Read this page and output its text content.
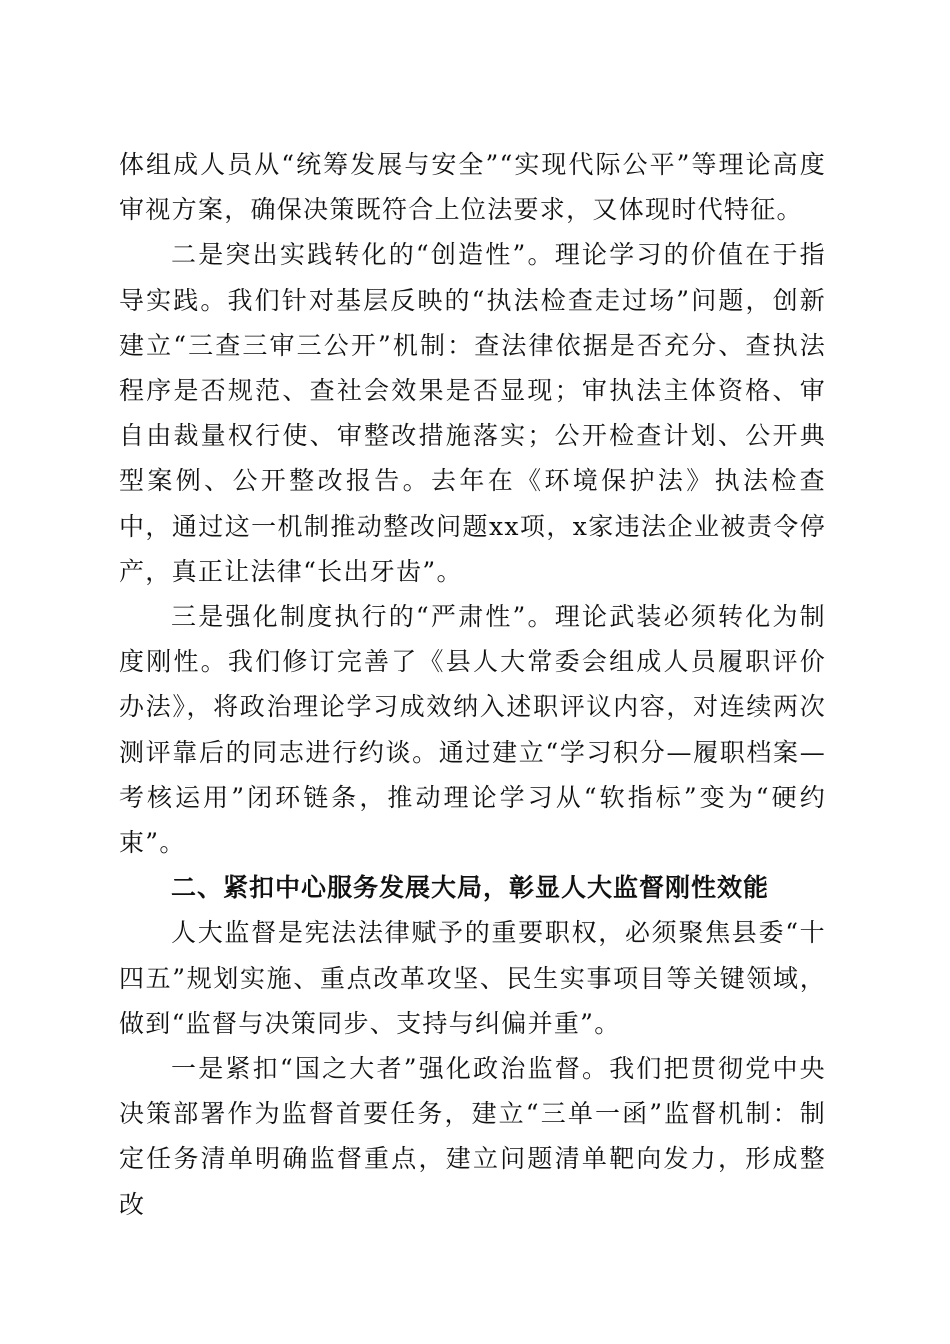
体组成人员从“统筹发展与安全”“实现代际公平”等理论高度审视方案，确保决策既符合上位法要求，又体现时代特征。

二是突出实践转化的“创造性”。理论学习的价值在于指导实践。我们针对基层反映的“执法检查走过场”问题，创新建立“三查三审三公开”机制：查法律依据是否充分、查执法程序是否规范、查社会效果是否显现；审执法主体资格、审自由裁量权行使、审整改措施落实；公开检查计划、公开典型案例、公开整改报告。去年在《环境保护法》执法检查中，通过这一机制推动整改问题xx项，x家违法企业被责令停产，真正让法律“长出牙齿”。

三是强化制度执行的“严肃性”。理论武装必须转化为制度刚性。我们修订完善了《县人大常委会组成人员履职评价办法》，将政治理论学习成效纳入述职评议内容，对连续两次测评靠后的同志进行约谈。通过建立“学习积分—履职档案—考核运用”闭环链条，推动理论学习从“软指标”变为“硬约束”。

二、紧扣中心服务发展大局，彰显人大监督刚性效能

人大监督是宪法法律赋予的重要职权，必须聚焦县委“十四五”规划实施、重点改革攻坚、民生实事项目等关键领域，做到“监督与决策同步、支持与纠偏并重”。

一是紧扣“国之大者”强化政治监督。我们把贯彻党中央决策部署作为监督首要任务，建立“三单一函”监督机制：制定任务清单明确监督重点，建立问题清单靶向发力，形成整改
